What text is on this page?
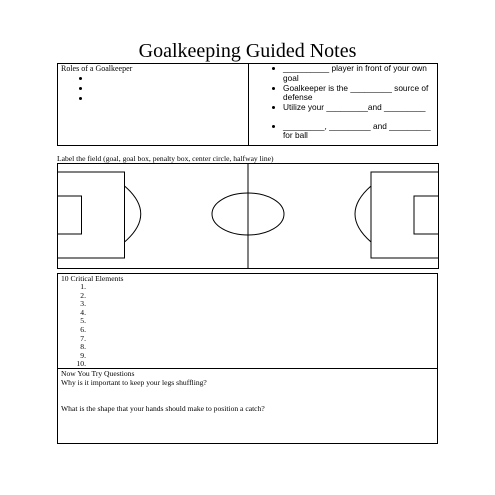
Goalkeeping Guided Notes
Roles of a Goalkeeper	__________ player in front of your own goal
Goalkeeper is the _________ source of defense
Utilize your _________and _________
_________, _________ and _________ for ball
Label the field (goal, goal box, penalty box, center circle, halfway line)
10 Critical Elements
1.
2.
3.
4.
5.
6.
7.
8.
9.
10.
Now You Try Questions
Why is it important to keep your legs shuffling?
What is the shape that your hands should make to position a catch?
